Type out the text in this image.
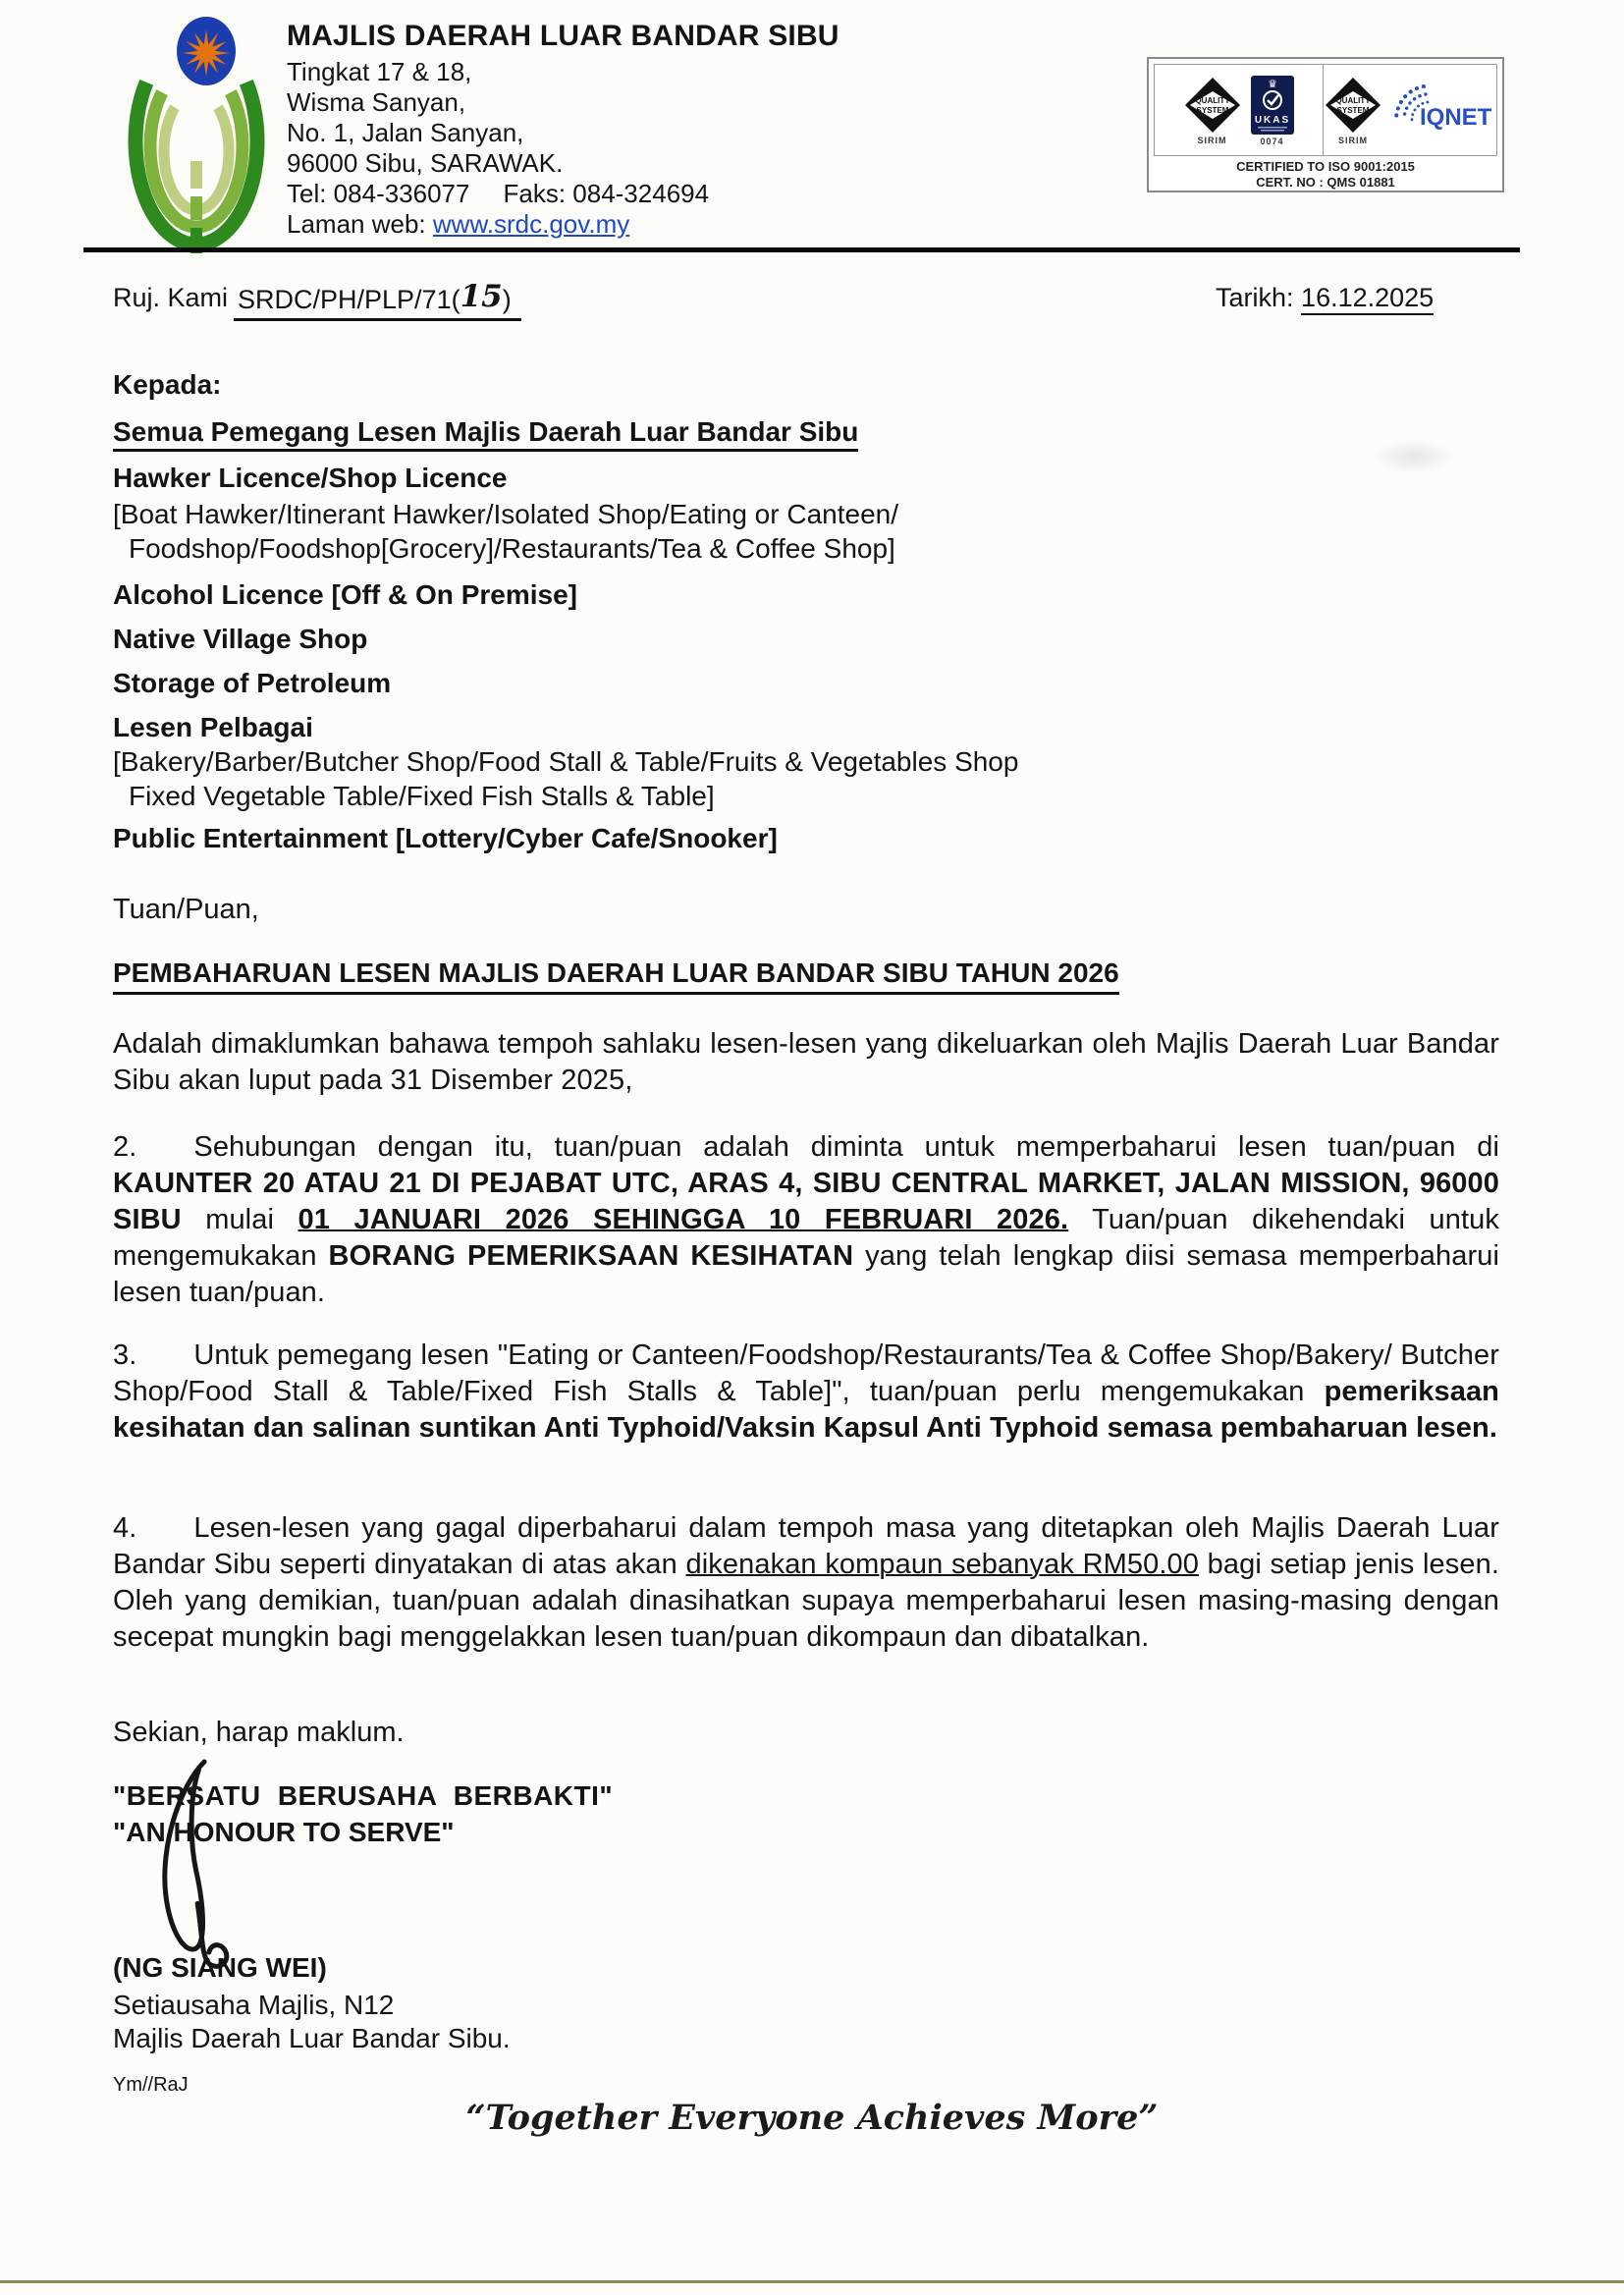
MAJLIS DAERAH LUAR BANDAR SIBU
Tingkat 17 & 18,
Wisma Sanyan,
No. 1, Jalan Sanyan,
96000 Sibu, SARAWAK.
Tel: 084-336077 Faks: 084-324694
Laman web: www.srdc.gov.my
QUALITY
SYSTEM
SIRIM
♛
UKAS
0074
QUALITY
SYSTEM
SIRIM
IQNET
CERTIFIED TO ISO 9001:2015
CERT. NO : QMS 01881
Ruj. Kami SRDC/PH/PLP/71(15)	Tarikh: 16.12.2025
Kepada:
Semua Pemegang Lesen Majlis Daerah Luar Bandar Sibu
Hawker Licence/Shop Licence
[Boat Hawker/Itinerant Hawker/Isolated Shop/Eating or Canteen/
Foodshop/Foodshop[Grocery]/Restaurants/Tea & Coffee Shop]
Alcohol Licence [Off & On Premise]
Native Village Shop
Storage of Petroleum
Lesen Pelbagai
[Bakery/Barber/Butcher Shop/Food Stall & Table/Fruits & Vegetables Shop
Fixed Vegetable Table/Fixed Fish Stalls & Table]
Public Entertainment [Lottery/Cyber Cafe/Snooker]
Tuan/Puan,
PEMBAHARUAN LESEN MAJLIS DAERAH LUAR BANDAR SIBU TAHUN 2026
Adalah dimaklumkan bahawa tempoh sahlaku lesen-lesen yang dikeluarkan oleh Majlis Daerah Luar Bandar Sibu akan luput pada 31 Disember 2025,
2. Sehubungan dengan itu, tuan/puan adalah diminta untuk memperbaharui lesen tuan/puan di KAUNTER 20 ATAU 21 DI PEJABAT UTC, ARAS 4, SIBU CENTRAL MARKET, JALAN MISSION, 96000 SIBU mulai 01 JANUARI 2026 SEHINGGA 10 FEBRUARI 2026. Tuan/puan dikehendaki untuk mengemukakan BORANG PEMERIKSAAN KESIHATAN yang telah lengkap diisi semasa memperbaharui lesen tuan/puan.
3. Untuk pemegang lesen "Eating or Canteen/Foodshop/Restaurants/Tea & Coffee Shop/Bakery/ Butcher Shop/Food Stall & Table/Fixed Fish Stalls & Table]", tuan/puan perlu mengemukakan pemeriksaan kesihatan dan salinan suntikan Anti Typhoid/Vaksin Kapsul Anti Typhoid semasa pembaharuan lesen.
4. Lesen-lesen yang gagal diperbaharui dalam tempoh masa yang ditetapkan oleh Majlis Daerah Luar Bandar Sibu seperti dinyatakan di atas akan dikenakan kompaun sebanyak RM50.00 bagi setiap jenis lesen. Oleh yang demikian, tuan/puan adalah dinasihatkan supaya memperbaharui lesen masing-masing dengan secepat mungkin bagi menggelakkan lesen tuan/puan dikompaun dan dibatalkan.
Sekian, harap maklum.
"BERSATU BERUSAHA BERBAKTI"
"AN HONOUR TO SERVE"
(NG SIANG WEI)
Setiausaha Majlis, N12
Majlis Daerah Luar Bandar Sibu.
Ym//RaJ
“Together Everyone Achieves More”
